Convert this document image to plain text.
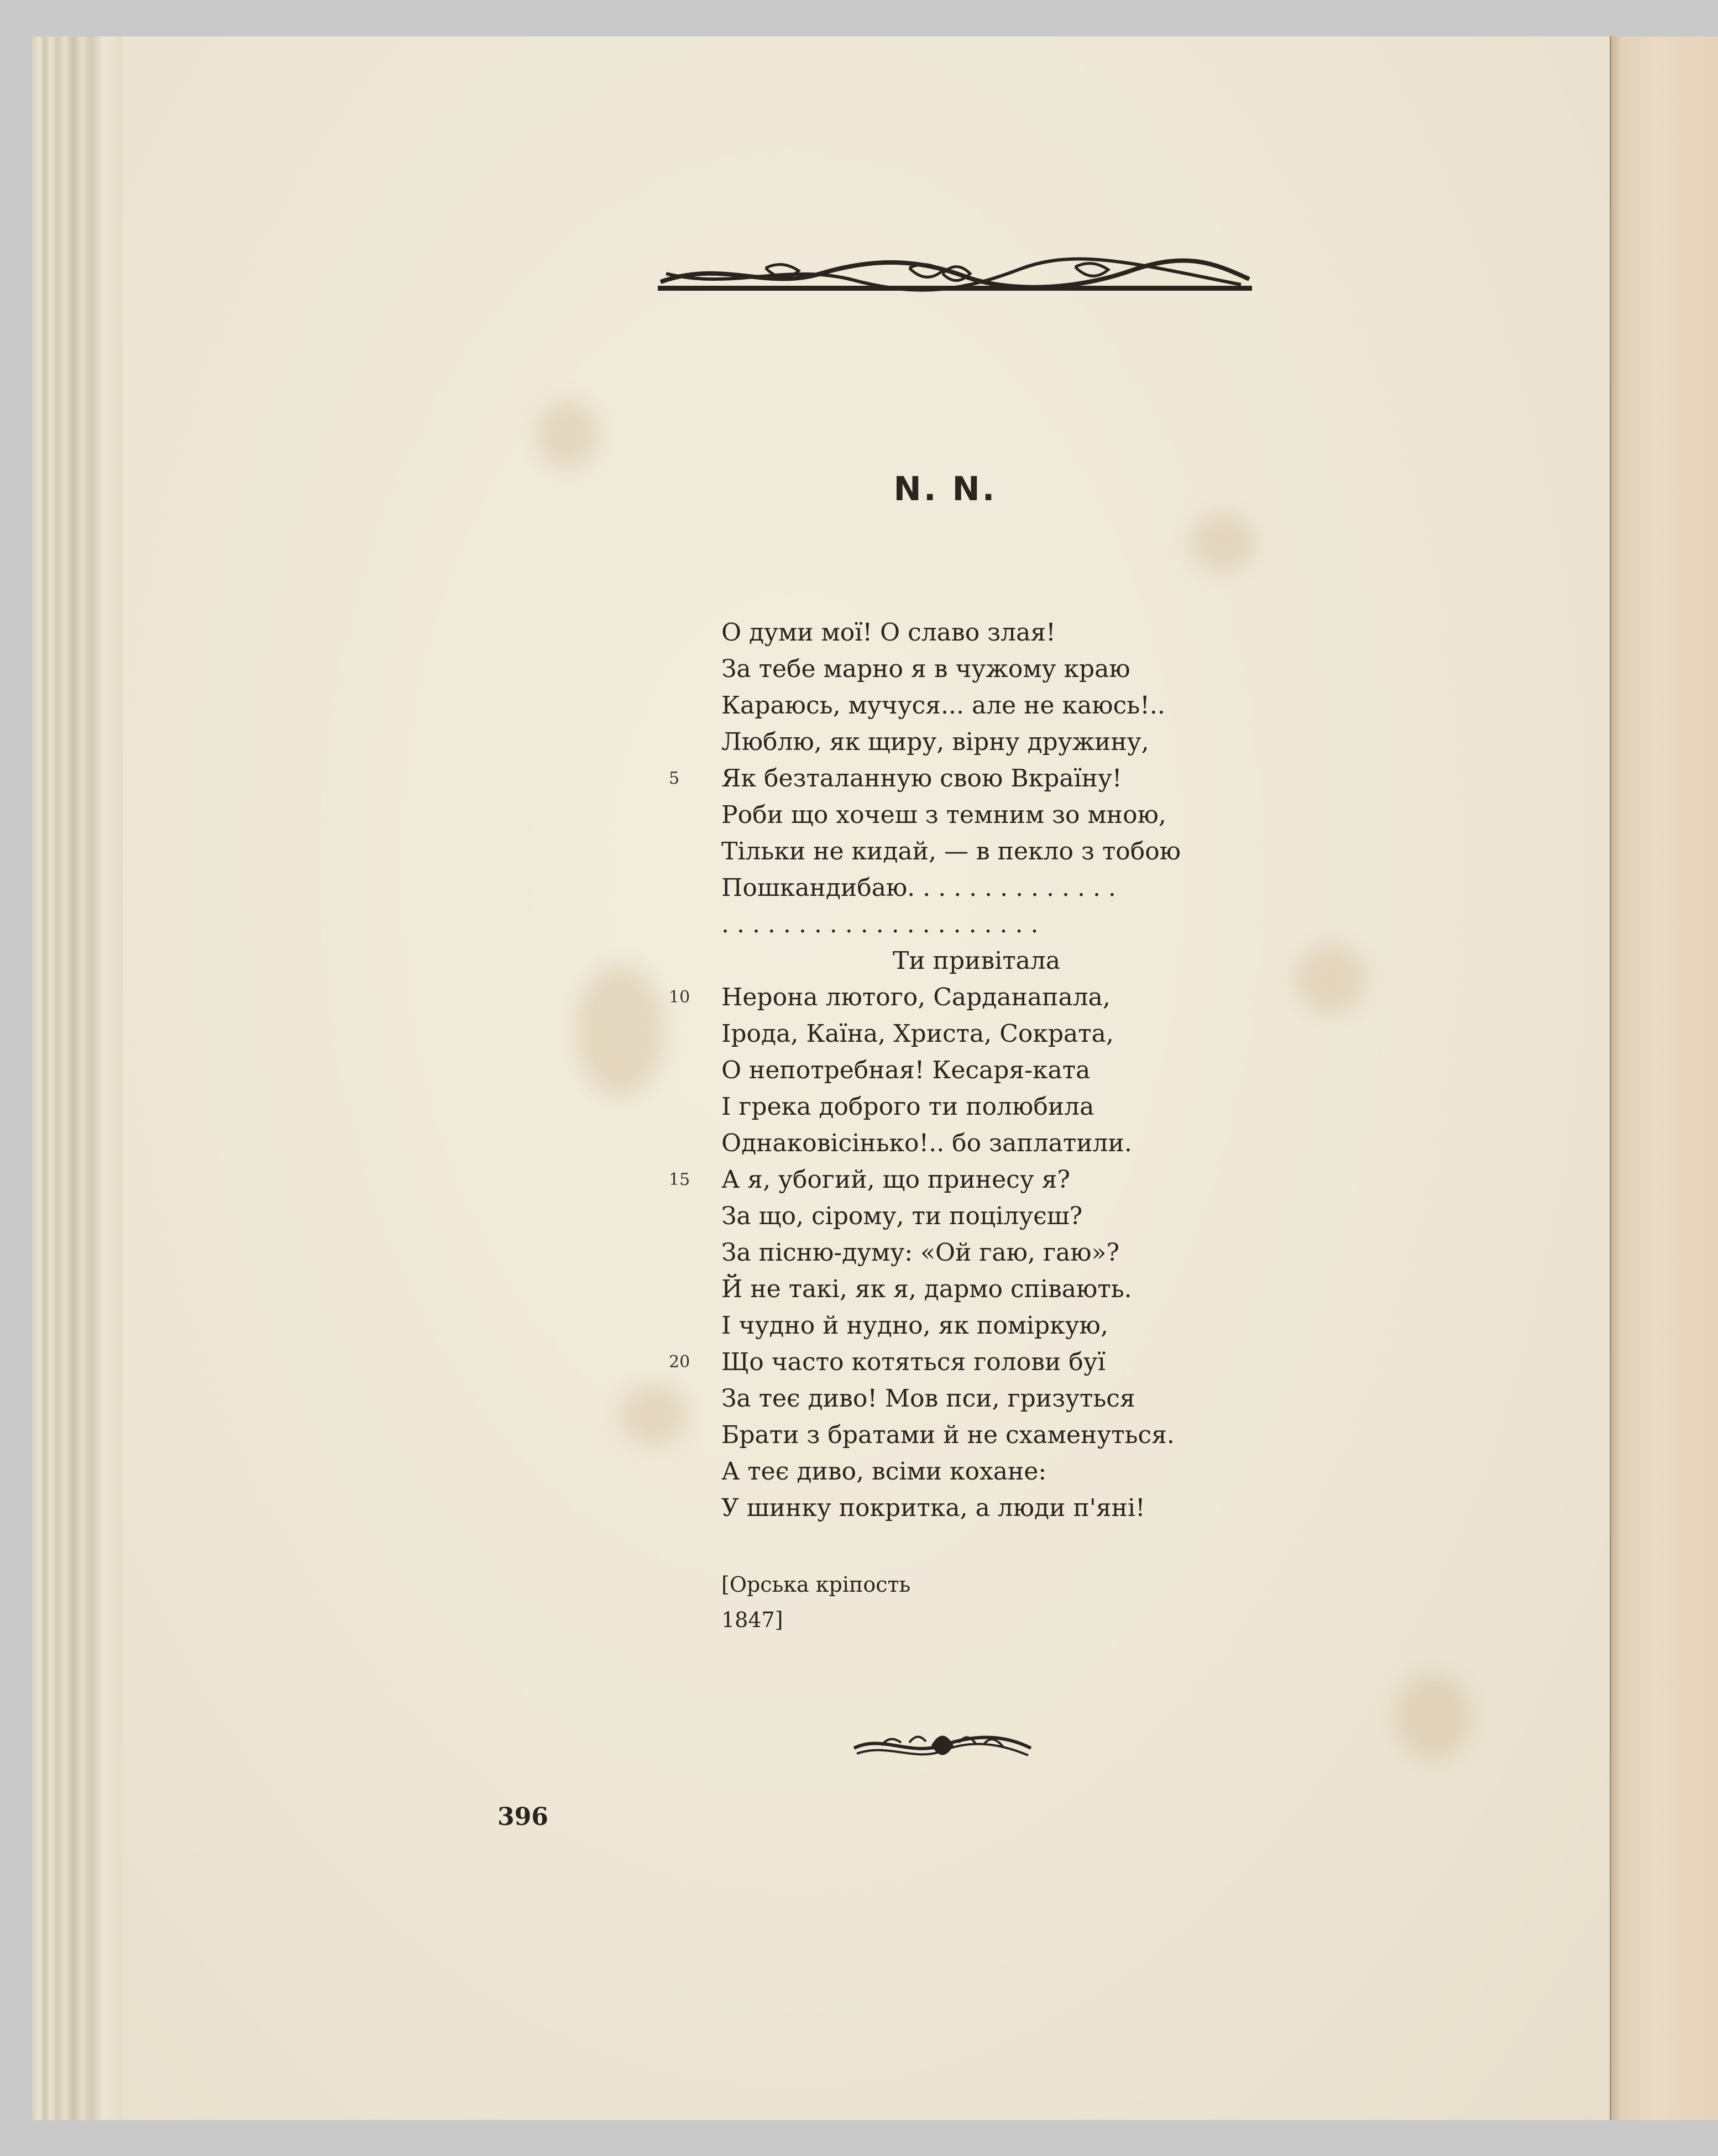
N. N.
О думи мої! О славо злая!
За тебе марно я в чужому краю
Караюсь, мучуся... але не каюсь!..
Люблю, як щиру, вірну дружину,
5	Як безталанную свою Вкраїну!
Роби що хочеш з темним зо мною,
Тільки не кидай, — в пекло з тобою
Пошкандибаю. . . . . . . . . . . . . .
. . . . . . . . . . . . . . . . . . . . .
Ти привітала
10	Нерона лютого, Сарданапала,
Ірода, Каїна, Христа, Сократа,
О непотребная! Кесаря-ката
І грека доброго ти полюбила
Однаковісінько!.. бо заплатили.
15	А я, убогий, що принесу я?
За що, сірому, ти поцілуєш?
За пісню-думу: «Ой гаю, гаю»?
Й не такі, як я, дармо співають.
І чудно й нудно, як поміркую,
20	Що часто котяться голови буї
За теє диво! Мов пси, гризуться
Брати з братами й не схаменуться.
А теє диво, всіми кохане:
У шинку покритка, а люди п'яні!
[Орська кріпость
1847]
396
